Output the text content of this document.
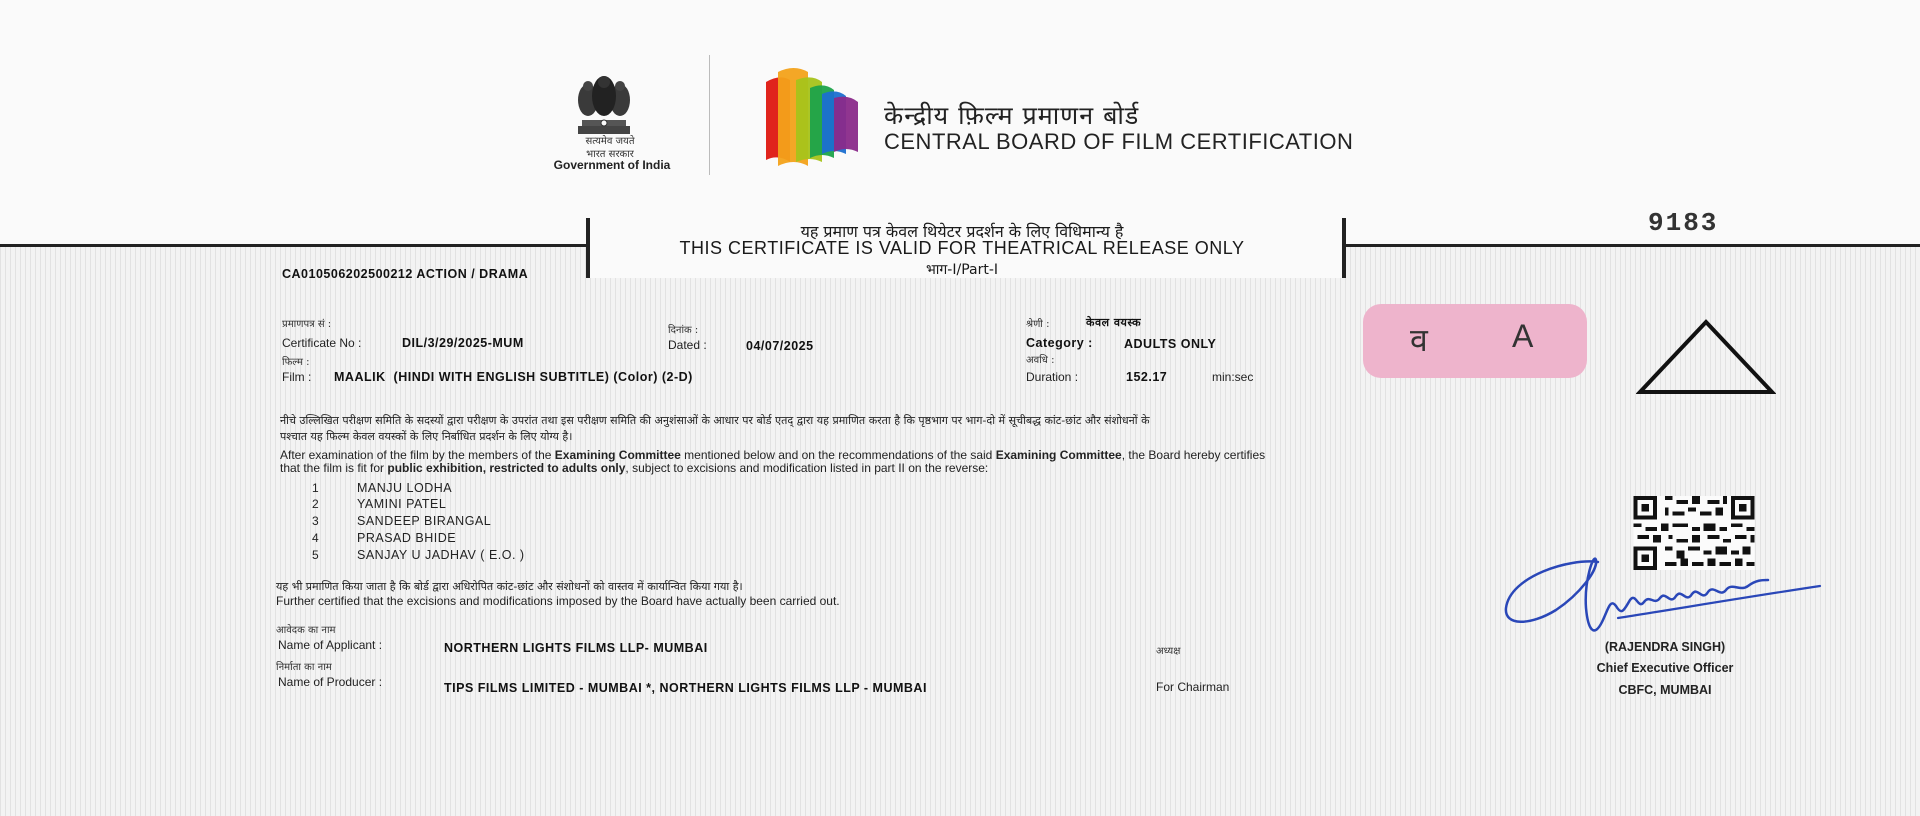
सत्यमेव जयते
भारत सरकार
Government of India
केन्द्रीय फ़िल्म प्रमाणन बोर्ड
CENTRAL BOARD OF FILM CERTIFICATION
यह प्रमाण पत्र केवल थियेटर प्रदर्शन के लिए विधिमान्य है
THIS CERTIFICATE IS VALID FOR THEATRICAL RELEASE ONLY
भाग-I/Part-I
9183
CA010506202500212 ACTION / DRAMA
प्रमाणपत्र सं :
Certificate No :	DIL/3/29/2025-MUM
दिनांक :
Dated :	04/07/2025
श्रेणी :	केवल वयस्क
Category : ADULTS ONLY
फिल्म :
Film : MAALIK  (HINDI WITH ENGLISH SUBTITLE) (Color) (2-D)
अवधि :
Duration :	152.17	min:sec
व	A
नीचे उल्लिखित परीक्षण समिति के सदस्यों द्वारा परीक्षण के उपरांत तथा इस परीक्षण समिति की अनुशंसाओं के आधार पर बोर्ड एतद् द्वारा यह प्रमाणित करता है कि पृष्ठभाग पर भाग-दो में सूचीबद्ध कांट-छांट और संशोधनों के
पश्चात यह फिल्म केवल वयस्कों के लिए निर्बाधित प्रदर्शन के लिए योग्य है।
After examination of the film by the members of the Examining Committee mentioned below and on the recommendations of the said Examining Committee, the Board hereby certifies
that the film is fit for public exhibition, restricted to adults only, subject to excisions and modification listed in part II on the reverse:
1	MANJU LODHA
2	YAMINI PATEL
3	SANDEEP BIRANGAL
4	PRASAD BHIDE
5	SANJAY U JADHAV ( E.O. )
यह भी प्रमाणित किया जाता है कि बोर्ड द्वारा अधिरोपित कांट-छांट और संशोधनों को वास्तव में कार्यान्वित किया गया है।
Further certified that the excisions and modifications imposed by the Board have actually been carried out.
आवेदक का नाम
Name of Applicant :	NORTHERN LIGHTS FILMS LLP- MUMBAI
निर्माता का नाम
Name of Producer :	TIPS FILMS LIMITED - MUMBAI *, NORTHERN LIGHTS FILMS LLP - MUMBAI
अध्यक्ष
For Chairman
(RAJENDRA SINGH)
Chief Executive Officer
CBFC, MUMBAI
